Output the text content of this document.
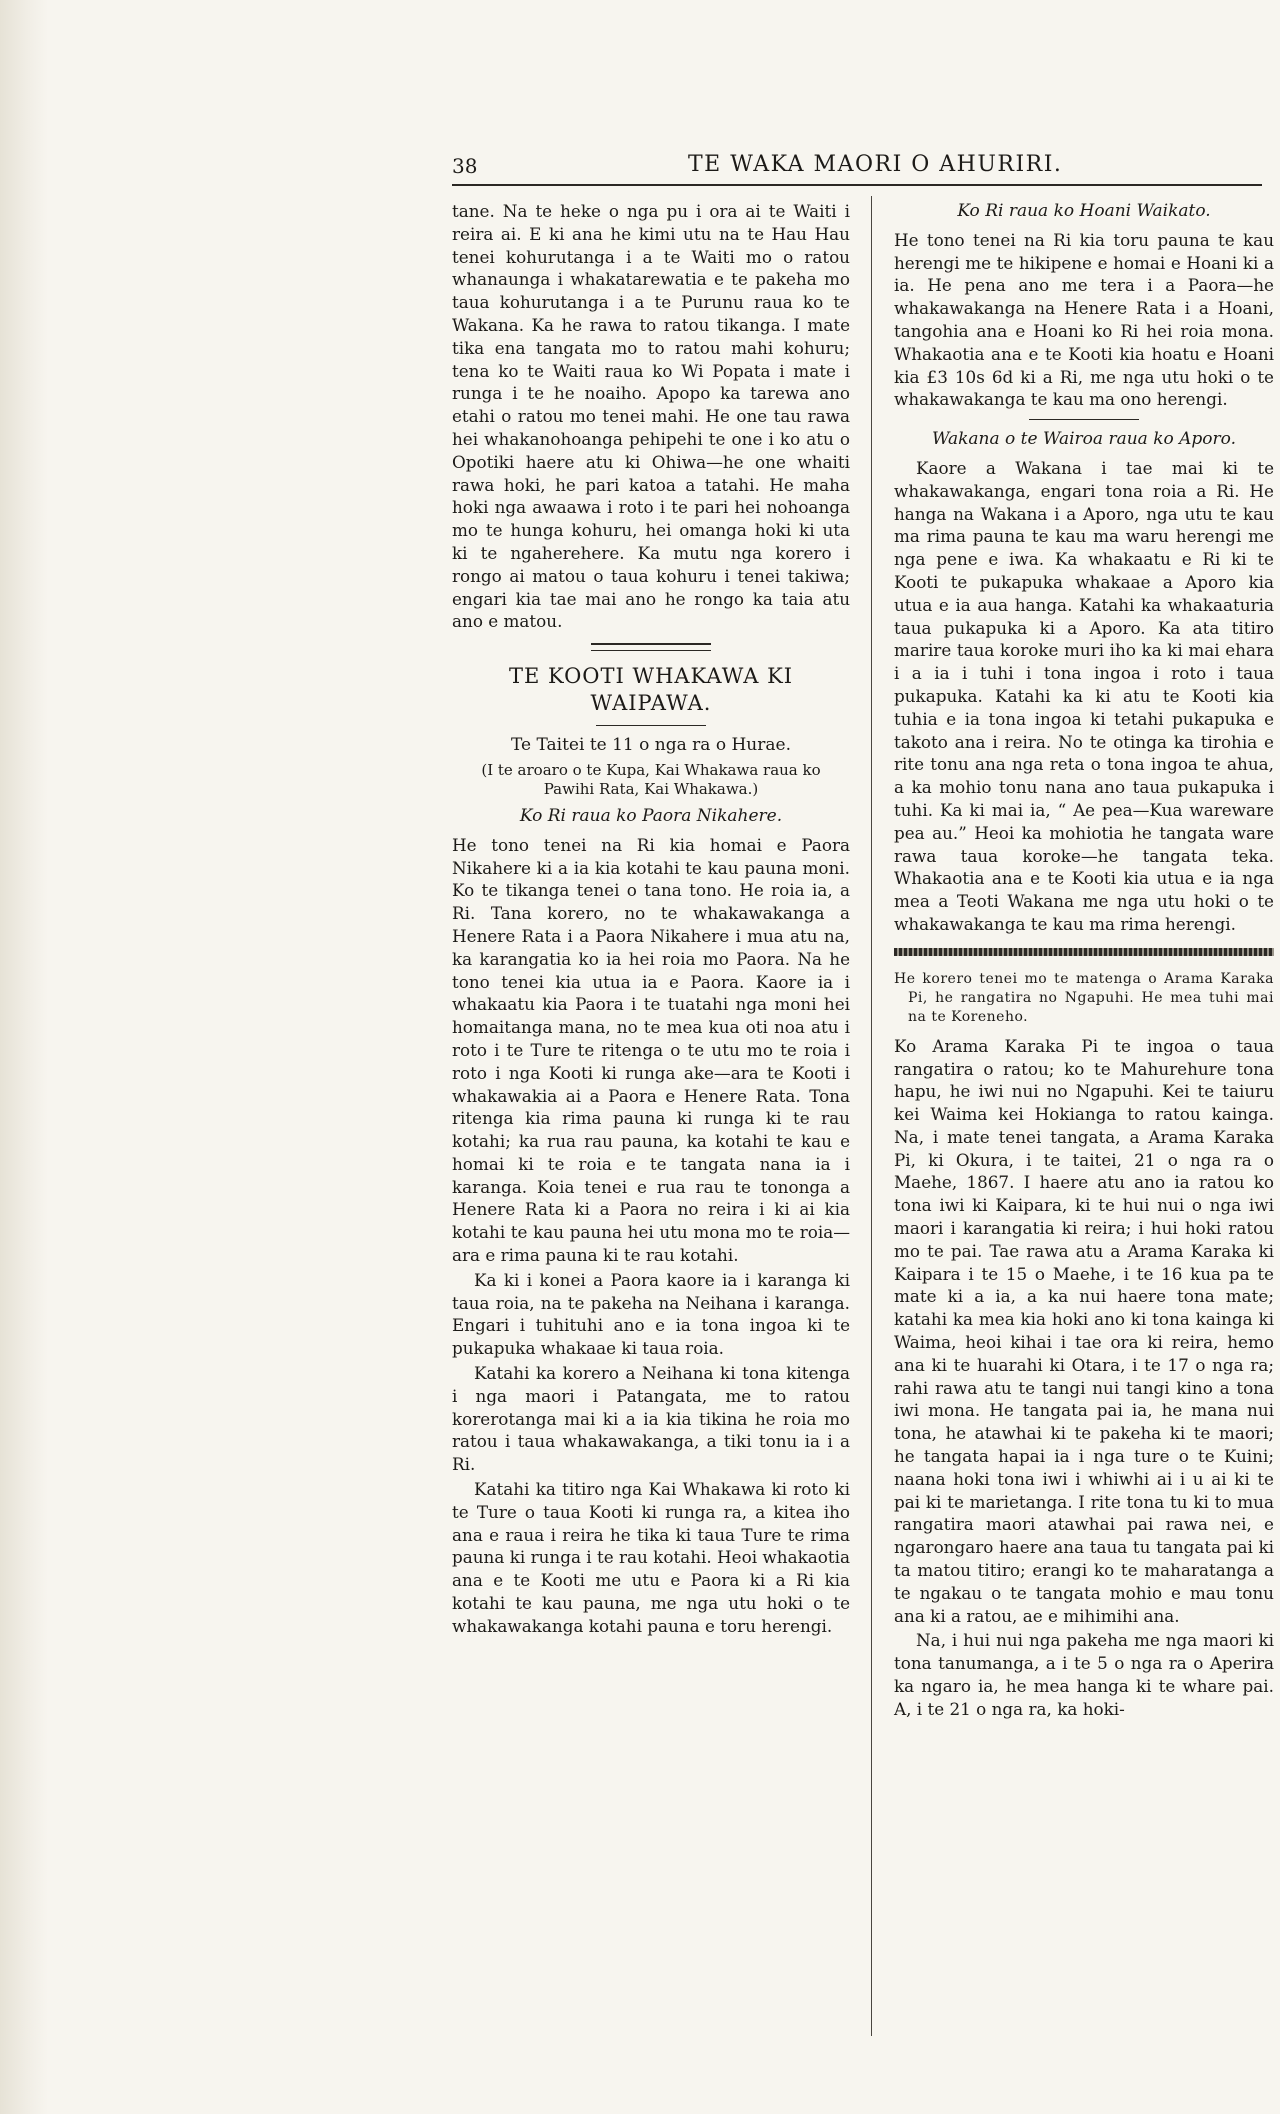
38	TE WAKA MAORI O AHURIRI.

tane. Na te heke o nga pu i ora ai te Waiti i reira ai. E ki ana he kimi utu na te Hau Hau tenei kohurutanga i a te Waiti mo o ratou whanaunga i whakatarewatia e te pakeha mo taua kohurutanga i a te Purunu raua ko te Wakana. Ka he rawa to ratou tikanga. I mate tika ena tangata mo to ratou mahi kohuru; tena ko te Waiti raua ko Wi Popata i mate i runga i te he noaiho. Apopo ka tarewa ano etahi o ratou mo tenei mahi. He one tau rawa hei whakanohoanga pehipehi te one i ko atu o Opotiki haere atu ki Ohiwa—he one whaiti rawa hoki, he pari katoa a tatahi. He maha hoki nga awaawa i roto i te pari hei nohoanga mo te hunga kohuru, hei omanga hoki ki uta ki te ngaherehere. Ka mutu nga korero i rongo ai matou o taua kohuru i tenei takiwa; engari kia tae mai ano he rongo ka taia atu ano e matou.

TE KOOTI WHAKAWA KI WAIPAWA.
Te Taitei te 11 o nga ra o Hurae.
(I te aroaro o te Kupa, Kai Whakawa raua ko Pawihi Rata, Kai Whakawa.)
Ko Ri raua ko Paora Nikahere.

He tono tenei na Ri kia homai e Paora Nikahere ki a ia kia kotahi te kau pauna moni. Ko te tikanga tenei o tana tono. He roia ia, a Ri. Tana korero, no te whakawakanga a Henere Rata i a Paora Nikahere i mua atu na, ka karangatia ko ia hei roia mo Paora. Na he tono tenei kia utua ia e Paora. Kaore ia i whakaatu kia Paora i te tuatahi nga moni hei homaitanga mana, no te mea kua oti noa atu i roto i te Ture te ritenga o te utu mo te roia i roto i nga Kooti ki runga ake—ara te Kooti i whakawakia ai a Paora e Henere Rata. Tona ritenga kia rima pauna ki runga ki te rau kotahi; ka rua rau pauna, ka kotahi te kau e homai ki te roia e te tangata nana ia i karanga. Koia tenei e rua rau te tononga a Henere Rata ki a Paora no reira i ki ai kia kotahi te kau pauna hei utu mona mo te roia—ara e rima pauna ki te rau kotahi.

Ka ki i konei a Paora kaore ia i karanga ki taua roia, na te pakeha na Neihana i karanga. Engari i tuhituhi ano e ia tona ingoa ki te pukapuka whakaae ki taua roia.

Katahi ka korero a Neihana ki tona kitenga i nga maori i Patangata, me to ratou korerotanga mai ki a ia kia tikina he roia mo ratou i taua whakawakanga, a tiki tonu ia i a Ri.

Katahi ka titiro nga Kai Whakawa ki roto ki te Ture o taua Kooti ki runga ra, a kitea iho ana e raua i reira he tika ki taua Ture te rima pauna ki runga i te rau kotahi. Heoi whakaotia ana e te Kooti me utu e Paora ki a Ri kia kotahi te kau pauna, me nga utu hoki o te whakawakanga kotahi pauna e toru herengi.

Ko Ri raua ko Hoani Waikato.

He tono tenei na Ri kia toru pauna te kau herengi me te hikipene e homai e Hoani ki a ia. He pena ano me tera i a Paora—he whakawakanga na Henere Rata i a Hoani, tangohia ana e Hoani ko Ri hei roia mona. Whakaotia ana e te Kooti kia hoatu e Hoani kia £3 10s 6d ki a Ri, me nga utu hoki o te whakawakanga te kau ma ono herengi.

Wakana o te Wairoa raua ko Aporo.

Kaore a Wakana i tae mai ki te whakawakanga, engari tona roia a Ri. He hanga na Wakana i a Aporo, nga utu te kau ma rima pauna te kau ma waru herengi me nga pene e iwa. Ka whakaatu e Ri ki te Kooti te pukapuka whakaae a Aporo kia utua e ia aua hanga. Katahi ka whakaaturia taua pukapuka ki a Aporo. Ka ata titiro marire taua koroke muri iho ka ki mai ehara i a ia i tuhi i tona ingoa i roto i taua pukapuka. Katahi ka ki atu te Kooti kia tuhia e ia tona ingoa ki tetahi pukapuka e takoto ana i reira. No te otinga ka tirohia e rite tonu ana nga reta o tona ingoa te ahua, a ka mohio tonu nana ano taua pukapuka i tuhi. Ka ki mai ia, “ Ae pea—Kua wareware pea au.” Heoi ka mohiotia he tangata ware rawa taua koroke—he tangata teka. Whakaotia ana e te Kooti kia utua e ia nga mea a Teoti Wakana me nga utu hoki o te whakawakanga te kau ma rima herengi.

He korero tenei mo te matenga o Arama Karaka Pi, he rangatira no Ngapuhi. He mea tuhi mai na te Koreneho.

Ko Arama Karaka Pi te ingoa o taua rangatira o ratou; ko te Mahurehure tona hapu, he iwi nui no Ngapuhi. Kei te taiuru kei Waima kei Hokianga to ratou kainga. Na, i mate tenei tangata, a Arama Karaka Pi, ki Okura, i te taitei, 21 o nga ra o Maehe, 1867. I haere atu ano ia ratou ko tona iwi ki Kaipara, ki te hui nui o nga iwi maori i karangatia ki reira; i hui hoki ratou mo te pai. Tae rawa atu a Arama Karaka ki Kaipara i te 15 o Maehe, i te 16 kua pa te mate ki a ia, a ka nui haere tona mate; katahi ka mea kia hoki ano ki tona kainga ki Waima, heoi kihai i tae ora ki reira, hemo ana ki te huarahi ki Otara, i te 17 o nga ra; rahi rawa atu te tangi nui tangi kino a tona iwi mona. He tangata pai ia, he mana nui tona, he atawhai ki te pakeha ki te maori; he tangata hapai ia i nga ture o te Kuini; naana hoki tona iwi i whiwhi ai i u ai ki te pai ki te marietanga. I rite tona tu ki to mua rangatira maori atawhai pai rawa nei, e ngarongaro haere ana taua tu tangata pai ki ta matou titiro; erangi ko te maharatanga a te ngakau o te tangata mohio e mau tonu ana ki a ratou, ae e mihimihi ana.

Na, i hui nui nga pakeha me nga maori ki tona tanumanga, a i te 5 o nga ra o Aperira ka ngaro ia, he mea hanga ki te whare pai. A, i te 21 o nga ra, ka hoki-
